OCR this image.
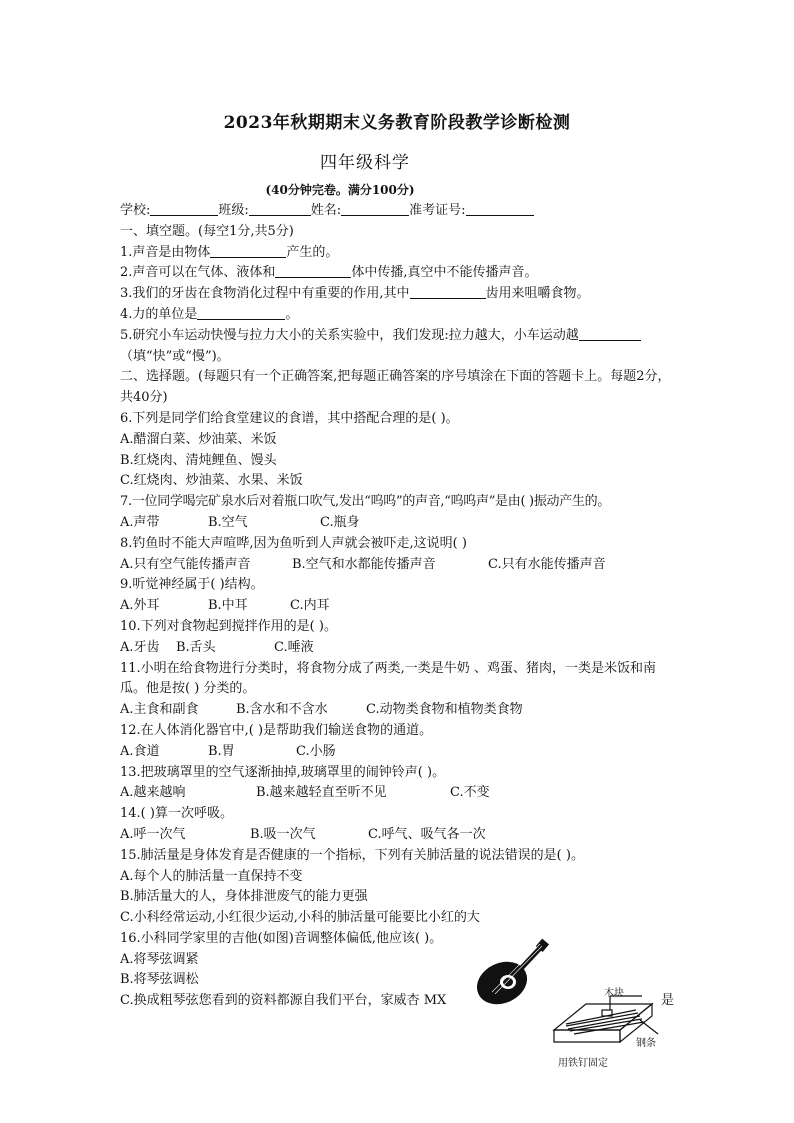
2023年秋期期末义务教育阶段教学诊断检测
四年级科学
(40分钟完卷。满分100分)
学校:	班级:	姓名:	准考证号:
一、填空题。(每空1分,共5分)
1.声音是由物体	产生的。
2.声音可以在气体、液体和	体中传播,真空中不能传播声音。
3.我们的牙齿在食物消化过程中有重要的作用,其中	齿用来咀嚼食物。
4.力的单位是	。
5.研究小车运动快慢与拉力大小的关系实验中，我们发现:拉力越大，小车运动越
（填“快”或“慢”)。
二、选择题。(每题只有一个正确答案,把每题正确答案的序号填涂在下面的答题卡上。每题2分，共40分)
6.下列是同学们给食堂建议的食谱，其中搭配合理的是( )。
A.醋溜白菜、炒油菜、米饭
B.红烧肉、清炖鲤鱼、馒头
C.红烧肉、炒油菜、水果、米饭
7.一位同学喝完矿泉水后对着瓶口吹气,发出“呜呜”的声音,“呜呜声”是由( )振动产生的。
A.声带	B.空气	C.瓶身
8.钓鱼时不能大声喧哗,因为鱼听到人声就会被吓走,这说明( )
A.只有空气能传播声音	B.空气和水都能传播声音	C.只有水能传播声音
9.听觉神经属于( )结构。
A.外耳	B.中耳	C.内耳
10.下列对食物起到搅拌作用的是( )。
A.牙齿	B.舌头	C.唾液
11.小明在给食物进行分类时，将食物分成了两类,一类是牛奶 、鸡蛋、猪肉，一类是米饭和南瓜。他是按( ) 分类的。
A.主食和副食	B.含水和不含水	C.动物类食物和植物类食物
12.在人体消化器官中,( )是帮助我们输送食物的通道。
A.食道	B.胃	C.小肠
13.把玻璃罩里的空气逐渐抽掉,玻璃罩里的闹钟铃声( )。
A.越来越响	B.越来越轻直至听不见	C.不变
14.( )算一次呼吸。
A.呼一次气	B.吸一次气	C.呼气、吸气各一次
15.肺活量是身体发育是否健康的一个指标，下列有关肺活量的说法错误的是( )。
A.每个人的肺活量一直保持不变
B.肺活量大的人，身体排泄废气的能力更强
C.小科经常运动,小红很少运动,小科的肺活量可能要比小红的大
16.小科同学家里的吉他(如图)音调整体偏低,他应该( )。
A.将琴弦调紧
B.将琴弦调松
C.换成粗琴弦您看到的资料都源自我们平台，家威杏 MX	是
木块
钢条
用铁钉固定
